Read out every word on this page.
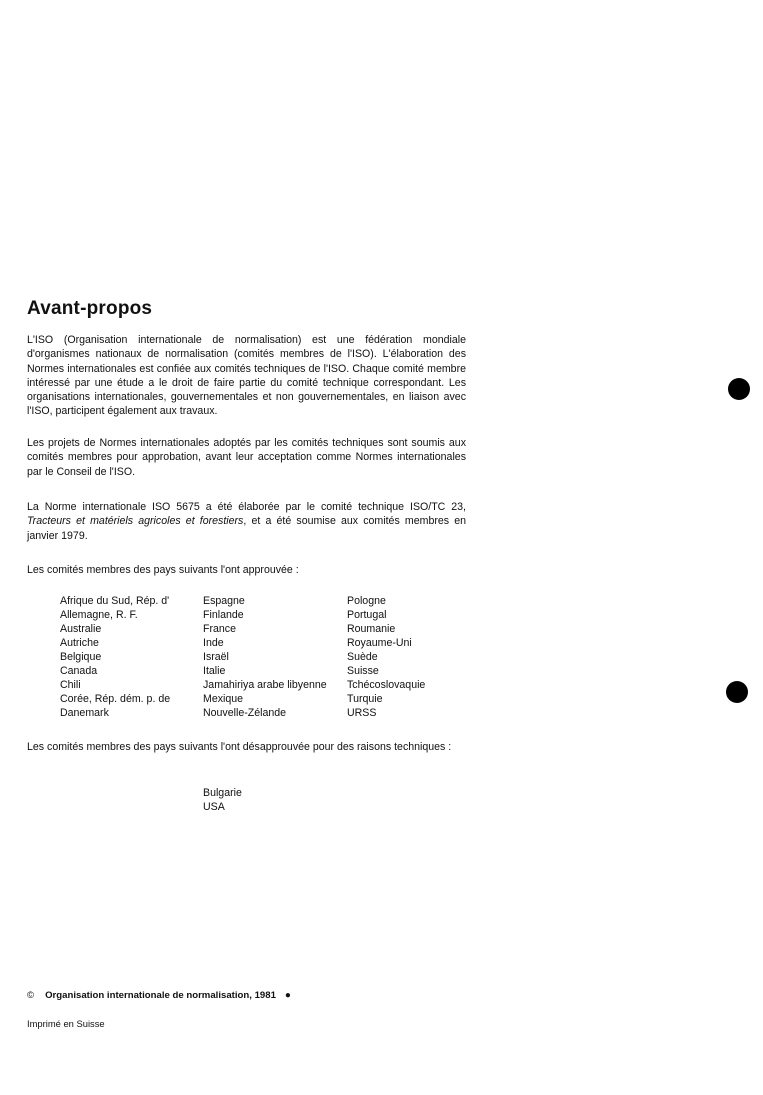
Avant-propos

L'ISO (Organisation internationale de normalisation) est une fédération mondiale d'organismes nationaux de normalisation (comités membres de l'ISO). L'élaboration des Normes internationales est confiée aux comités techniques de l'ISO. Chaque comité membre intéressé par une étude a le droit de faire partie du comité technique correspondant. Les organisations internationales, gouvernementales et non gouvernementales, en liaison avec l'ISO, participent également aux travaux.

Les projets de Normes internationales adoptés par les comités techniques sont soumis aux comités membres pour approbation, avant leur acceptation comme Normes internationales par le Conseil de l'ISO.

La Norme internationale ISO 5675 a été élaborée par le comité technique ISO/TC 23, Tracteurs et matériels agricoles et forestiers, et a été soumise aux comités membres en janvier 1979.

Les comités membres des pays suivants l'ont approuvée :

Afrique du Sud, Rép. d'
Allemagne, R. F.
Australie
Autriche
Belgique
Canada
Chili
Corée, Rép. dém. p. de
Danemark
Espagne
Finlande
France
Inde
Israël
Italie
Jamahiriya arabe libyenne
Mexique
Nouvelle-Zélande
Pologne
Portugal
Roumanie
Royaume-Uni
Suède
Suisse
Tchécoslovaquie
Turquie
URSS

Les comités membres des pays suivants l'ont désapprouvée pour des raisons techniques :

Bulgarie
USA
© Organisation internationale de normalisation, 1981 ●
Imprimé en Suisse
